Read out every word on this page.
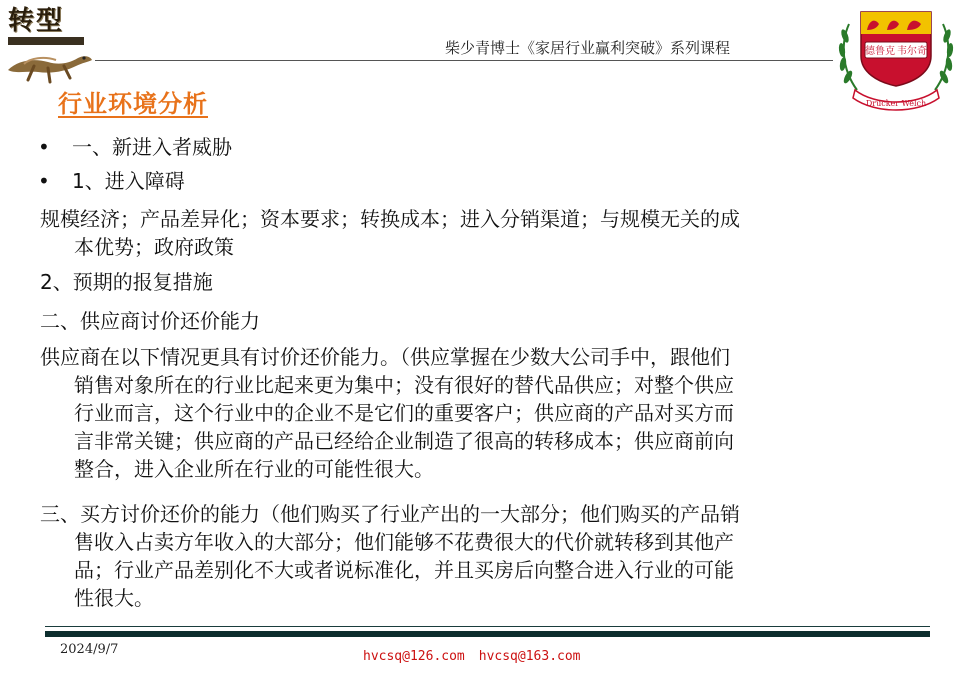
转型
柴少青博士《家居行业赢利突破》系列课程	德鲁克 韦尔奇
Drucker Welch
行业环境分析
• 一、新进入者威胁
• 1、进入障碍
规模经济；产品差异化；资本要求；转换成本；进入分销渠道；与规模无关的成
本优势；政府政策
2、预期的报复措施
二、供应商讨价还价能力
供应商在以下情况更具有讨价还价能力。（供应掌握在少数大公司手中，跟他们
销售对象所在的行业比起来更为集中；没有很好的替代品供应；对整个供应
行业而言，这个行业中的企业不是它们的重要客户；供应商的产品对买方而
言非常关键；供应商的产品已经给企业制造了很高的转移成本；供应商前向
整合，进入企业所在行业的可能性很大。
三、买方讨价还价的能力（他们购买了行业产出的一大部分；他们购买的产品销
售收入占卖方年收入的大部分；他们能够不花费很大的代价就转移到其他产
品；行业产品差别化不大或者说标准化，并且买房后向整合进入行业的可能
性很大。
2024/9/7	hvcsq@126.com hvcsq@163.com
